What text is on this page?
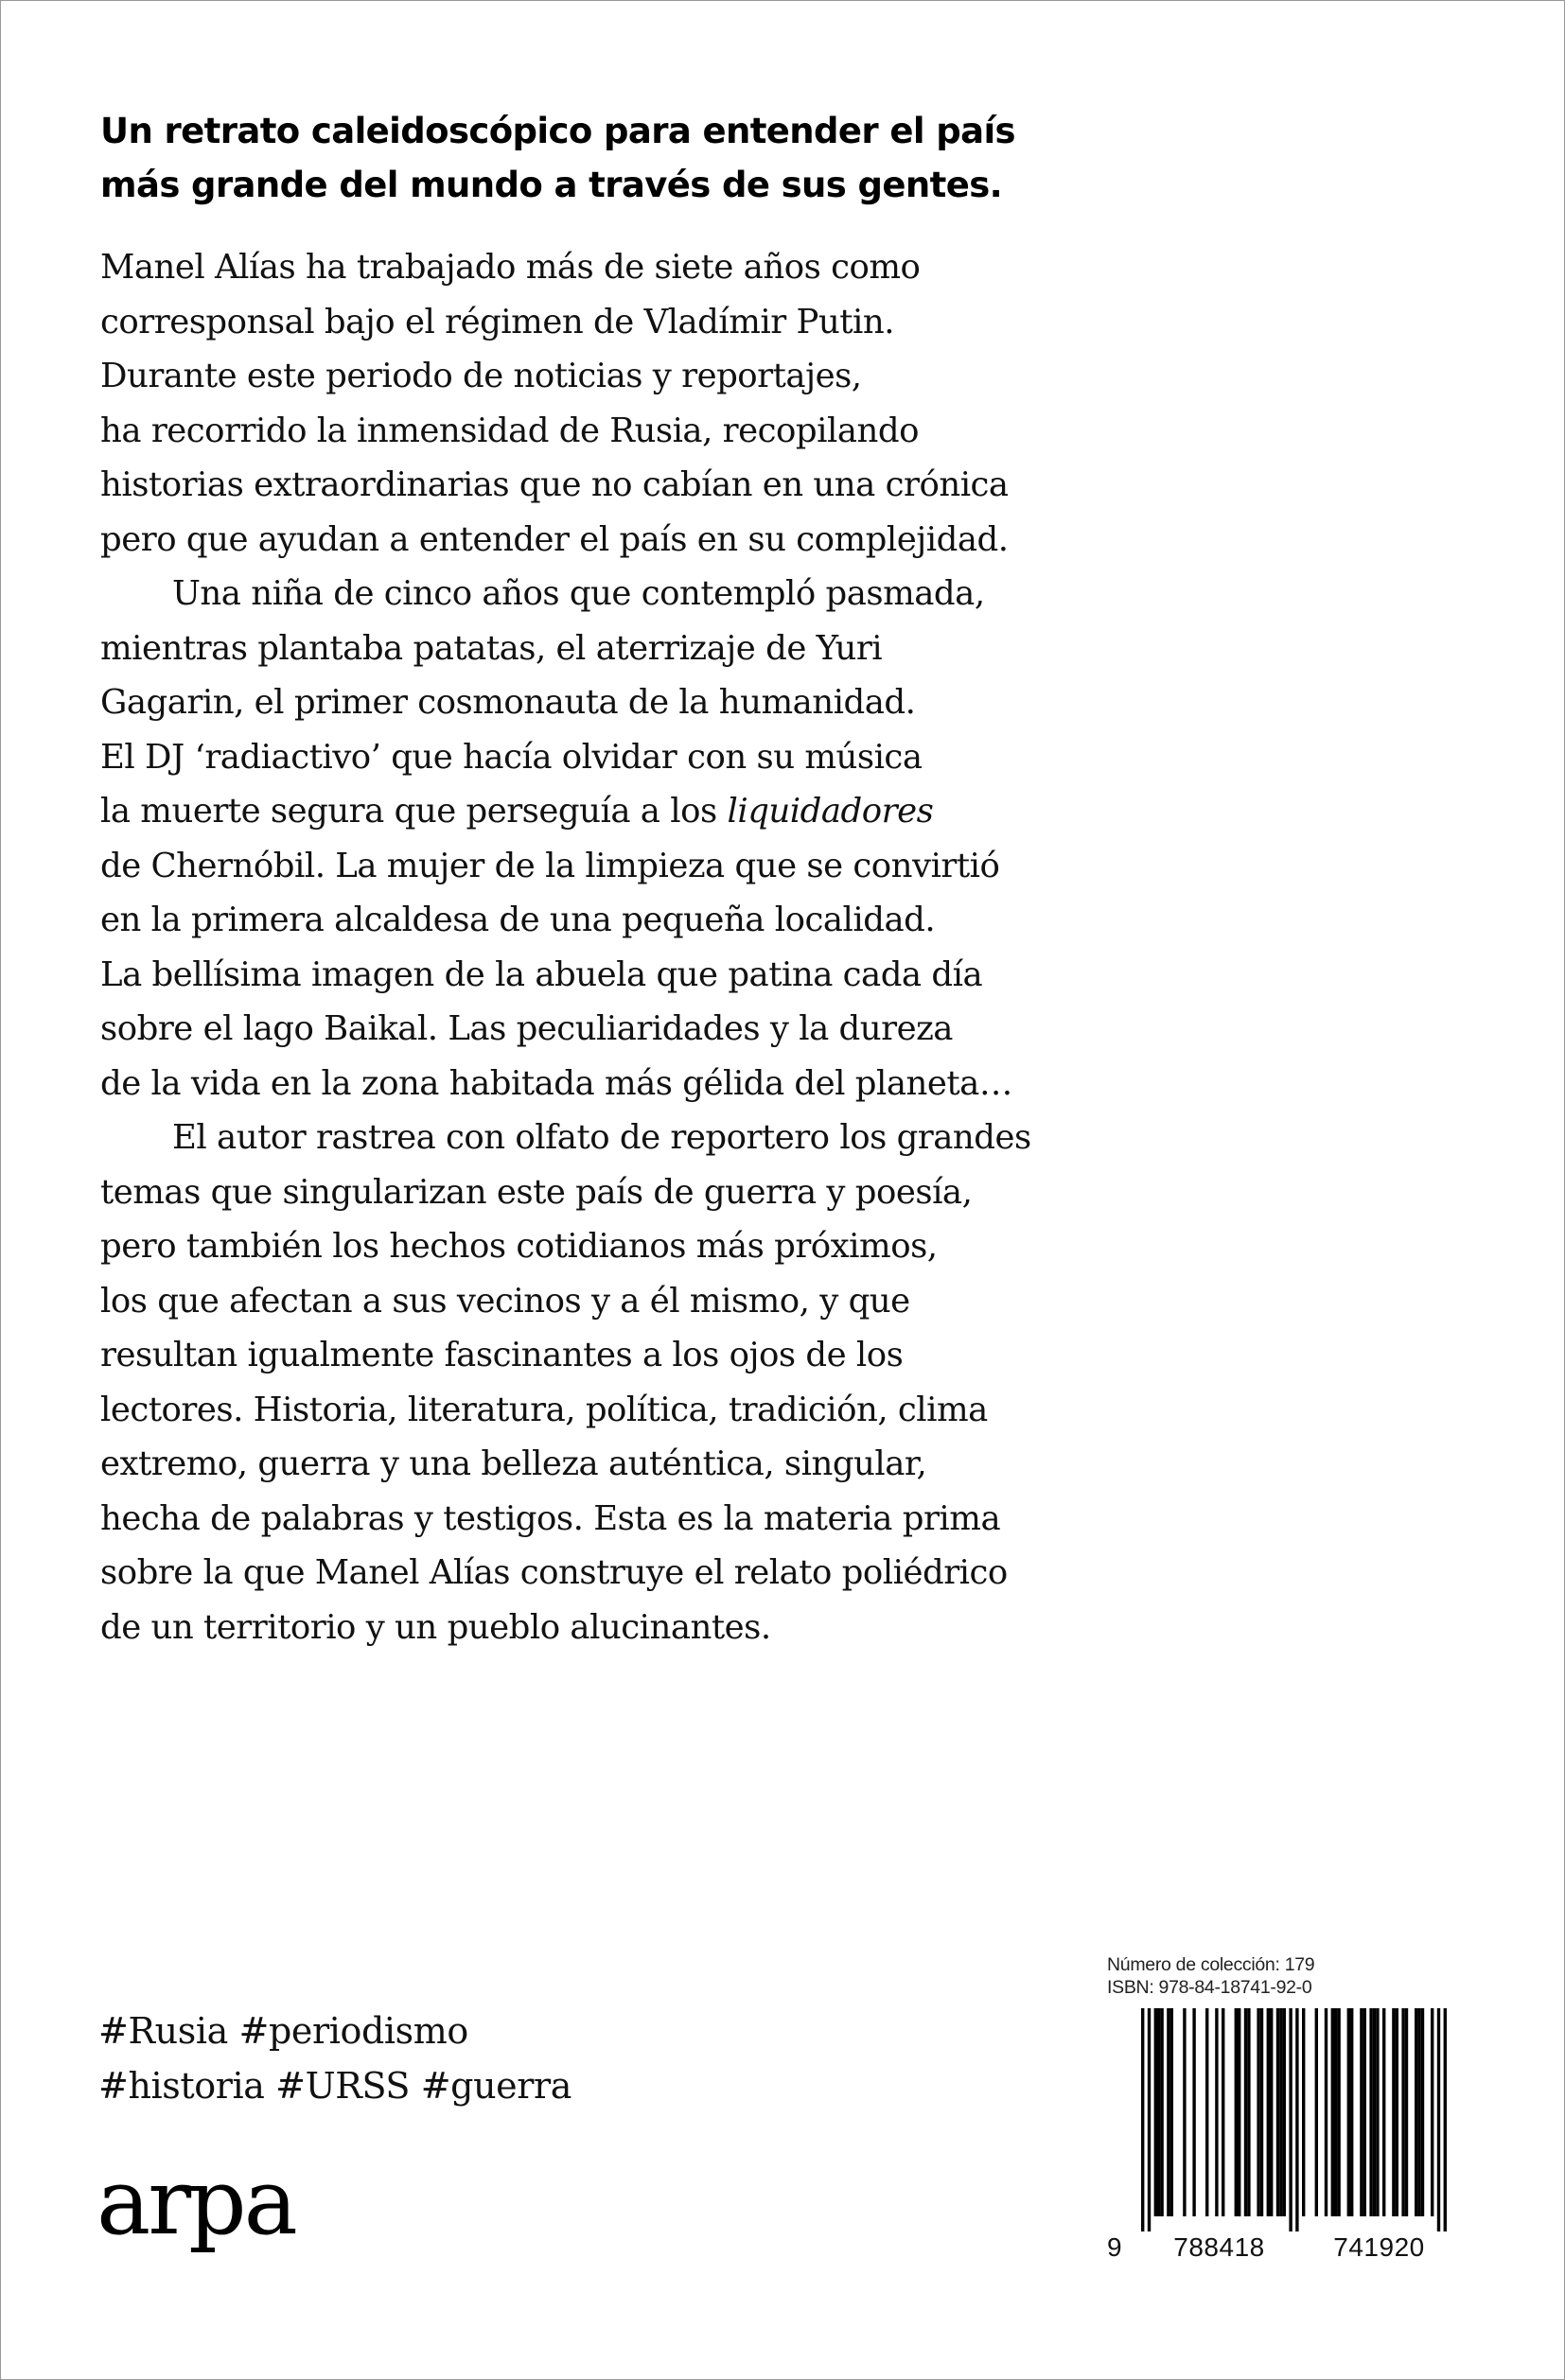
Un retrato caleidoscópico para entender el país
más grande del mundo a través de sus gentes.
Manel Alías ha trabajado más de siete años como
corresponsal bajo el régimen de Vladímir Putin.
Durante este periodo de noticias y reportajes,
ha recorrido la inmensidad de Rusia, recopilando
historias extraordinarias que no cabían en una crónica
pero que ayudan a entender el país en su complejidad.
Una niña de cinco años que contempló pasmada,
mientras plantaba patatas, el aterrizaje de Yuri
Gagarin, el primer cosmonauta de la humanidad.
El DJ ‘radiactivo’ que hacía olvidar con su música
la muerte segura que perseguía a los liquidadores
de Chernóbil. La mujer de la limpieza que se convirtió
en la primera alcaldesa de una pequeña localidad.
La bellísima imagen de la abuela que patina cada día
sobre el lago Baikal. Las peculiaridades y la dureza
de la vida en la zona habitada más gélida del planeta…
El autor rastrea con olfato de reportero los grandes
temas que singularizan este país de guerra y poesía,
pero también los hechos cotidianos más próximos,
los que afectan a sus vecinos y a él mismo, y que
resultan igualmente fascinantes a los ojos de los
lectores. Historia, literatura, política, tradición, clima
extremo, guerra y una belleza auténtica, singular,
hecha de palabras y testigos. Esta es la materia prima
sobre la que Manel Alías construye el relato poliédrico
de un territorio y un pueblo alucinantes.
#Rusia #periodismo
#historia #URSS #guerra
arpa
Número de colección: 179
ISBN: 978-84-18741-92-0
9	788418	741920
